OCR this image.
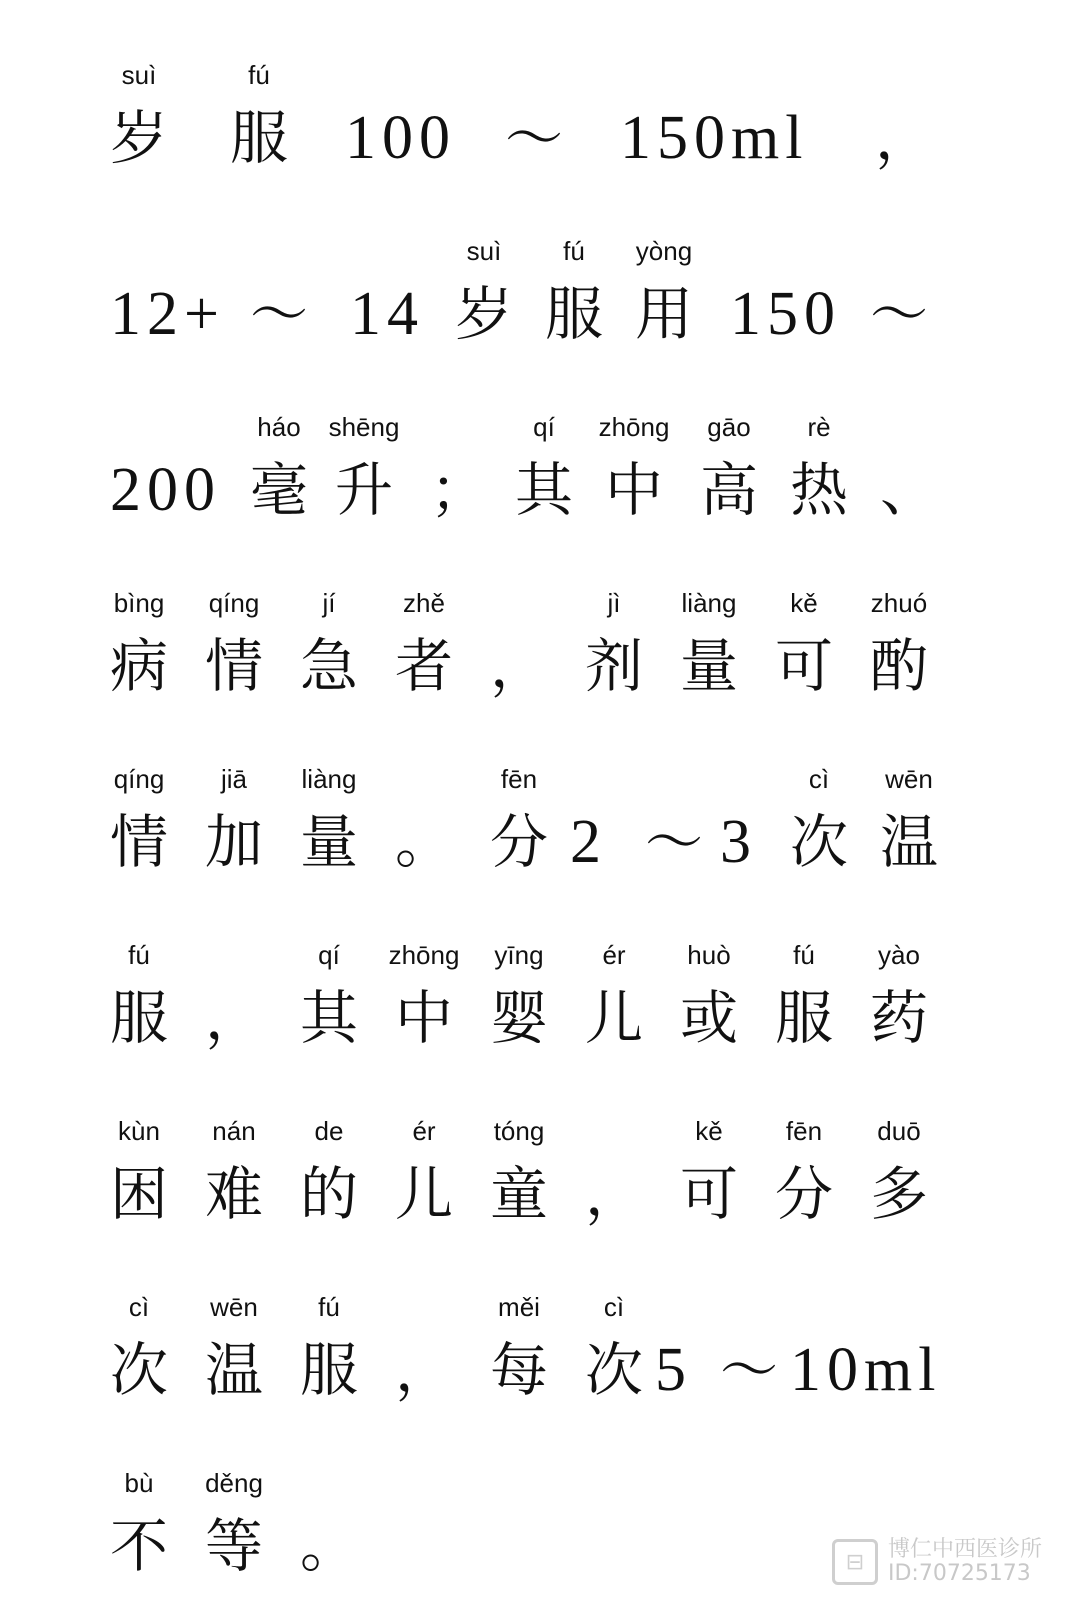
suì
岁
fú
服 100 ～ 150ml ，
12+ ～ 14
suì
岁
fú
服
yòng
用 150 ～
200
háo
毫
shēng
升 ；
qí
其
zhōng
中
gāo
高
rè
热 、
bìng
病
qíng
情
jí
急
zhě
者 ，
jì
剂
liàng
量
kě
可
zhuó
酌
qíng
情
jiā
加
liàng
量 。
fēn
分 2 ～ 3
cì
次
wēn
温
fú
服 ，
qí
其
zhōng
中
yīng
婴
ér
儿
huò
或
fú
服
yào
药
kùn
困
nán
难
de
的
ér
儿
tóng
童 ，
kě
可
fēn
分
duō
多
cì
次
wēn
温
fú
服 ，
měi
每
cì
次 5 ～ 10ml
bù
不
děng
等 。	⊟	博仁中西医诊所
ID:70725173
